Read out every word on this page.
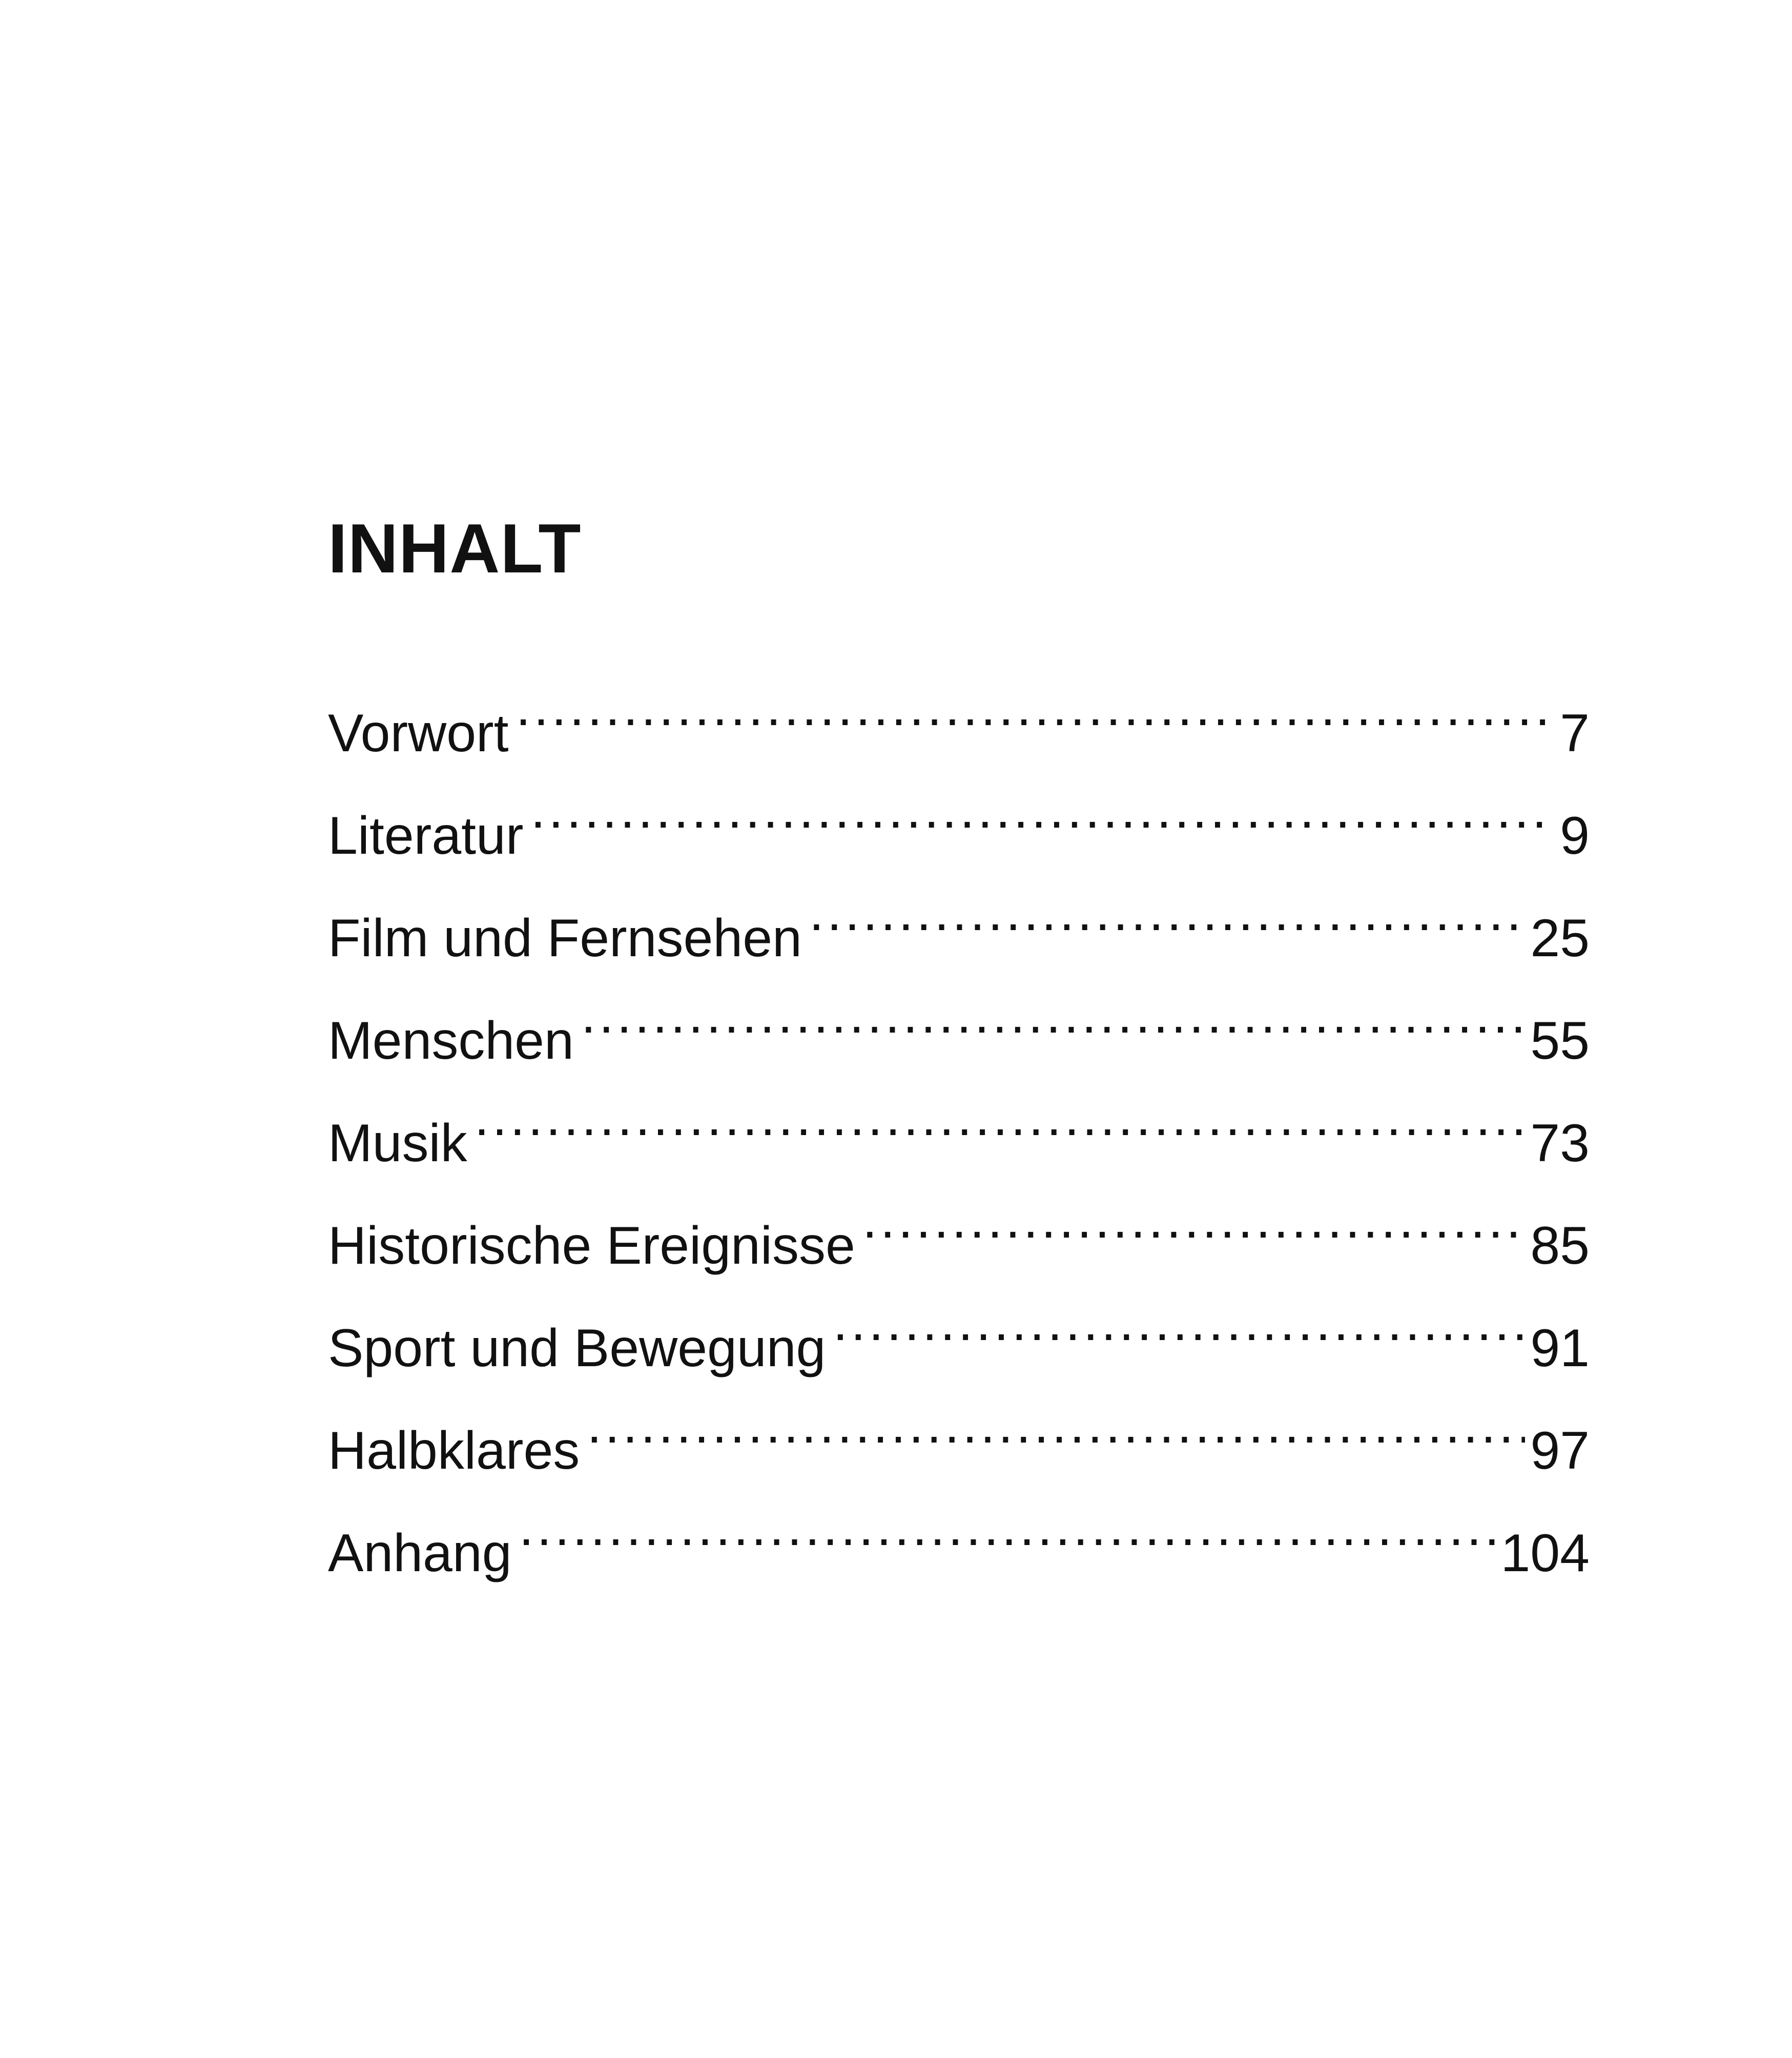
INHALT
Vorwort .....	7
Literatur .....	9
Film und Fernsehen .....	25
Menschen .....	55
Musik .....	73
Historische Ereignisse .....	85
Sport und Bewegung .....	91
Halbklares .....	97
Anhang .....	104
